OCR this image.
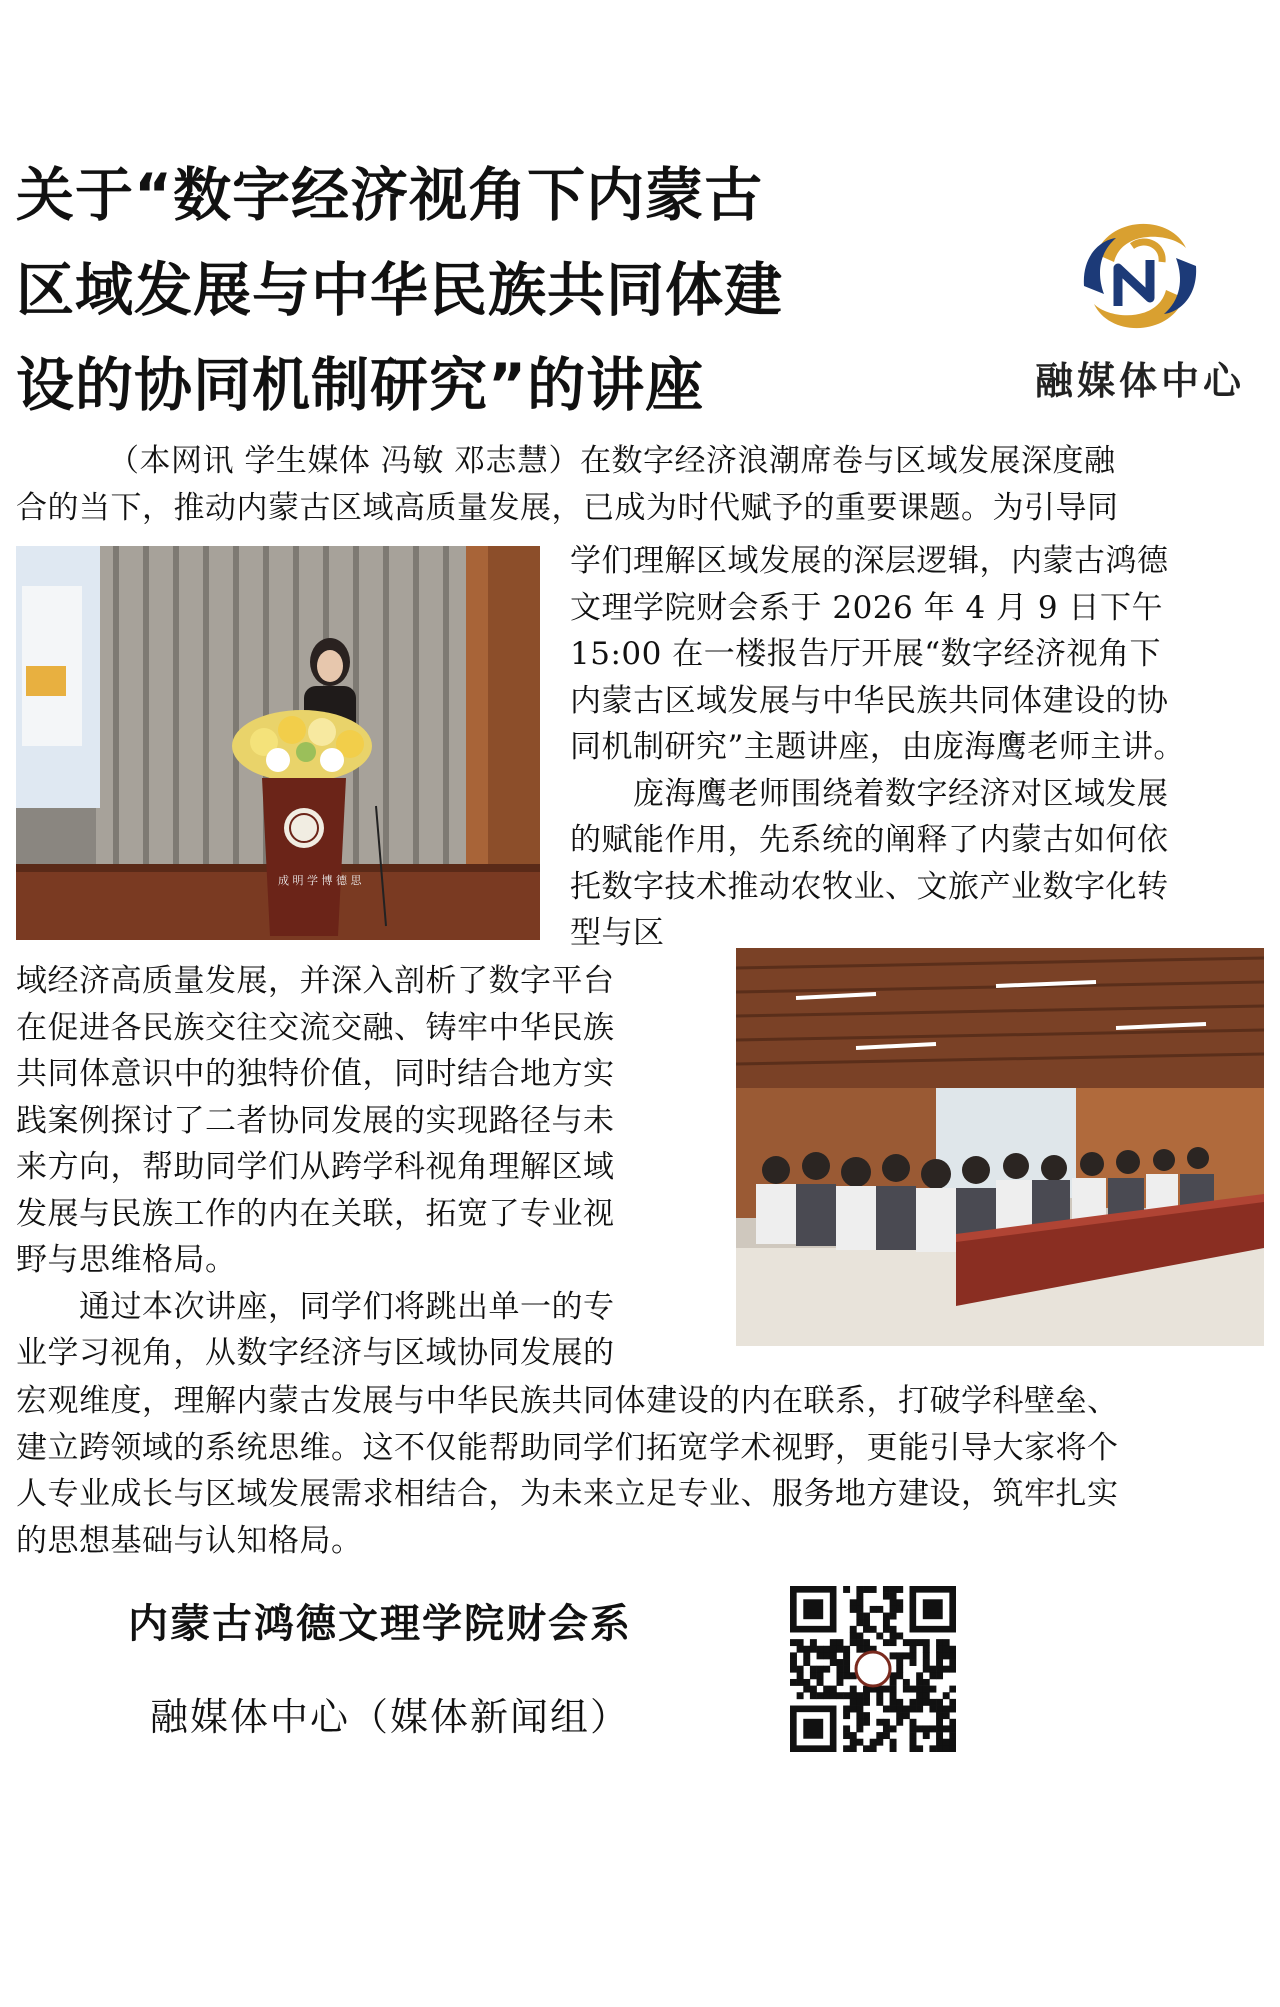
关于“数字经济视角下内蒙古
区域发展与中华民族共同体建
设的协同机制研究”的讲座	融媒体中心
（本网讯 学生媒体 冯敏 邓志慧）在数字经济浪潮席卷与区域发展深度融
合的当下，推动内蒙古区域高质量发展，已成为时代赋予的重要课题。为引导同
成 明 学 博 德 思
学们理解区域发展的深层逻辑，内蒙古鸿德
文理学院财会系于 2026 年 4 月 9 日下午
15:00 在一楼报告厅开展“数字经济视角下
内蒙古区域发展与中华民族共同体建设的协
同机制研究”主题讲座，由庞海鹰老师主讲。
　　庞海鹰老师围绕着数字经济对区域发展
的赋能作用，先系统的阐释了内蒙古如何依
托数字技术推动农牧业、文旅产业数字化转
型与区
域经济高质量发展，并深入剖析了数字平台
在促进各民族交往交流交融、铸牢中华民族
共同体意识中的独特价值，同时结合地方实
践案例探讨了二者协同发展的实现路径与未
来方向，帮助同学们从跨学科视角理解区域
发展与民族工作的内在关联，拓宽了专业视
野与思维格局。
　　通过本次讲座，同学们将跳出单一的专
业学习视角，从数字经济与区域协同发展的
宏观维度，理解内蒙古发展与中华民族共同体建设的内在联系，打破学科壁垒、
建立跨领域的系统思维。这不仅能帮助同学们拓宽学术视野，更能引导大家将个
人专业成长与区域发展需求相结合，为未来立足专业、服务地方建设，筑牢扎实
的思想基础与认知格局。
内蒙古鸿德文理学院财会系
融媒体中心（媒体新闻组）
